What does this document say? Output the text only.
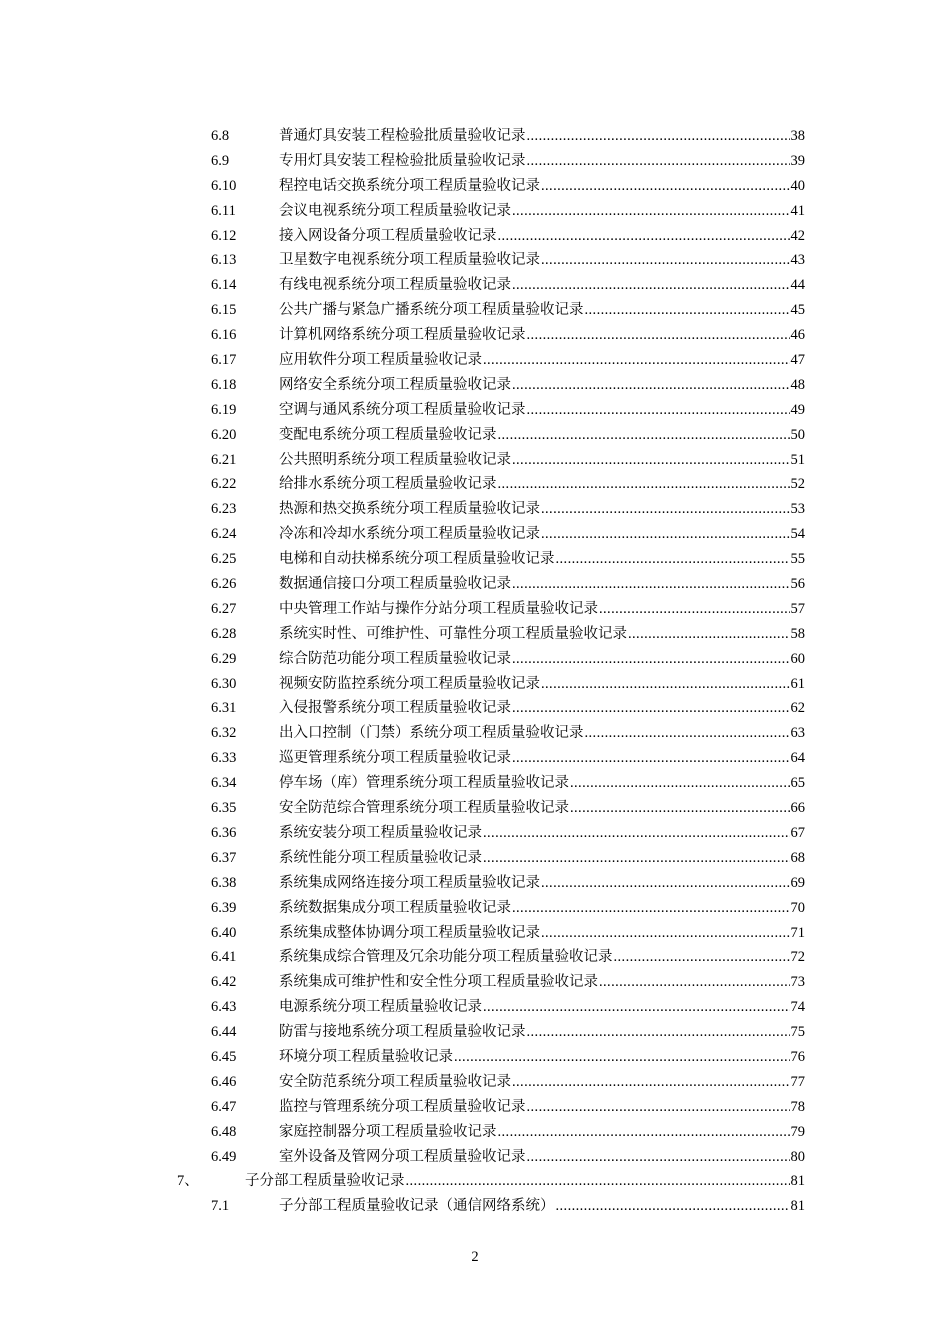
6.8	普通灯具安装工程检验批质量验收记录 .....	38
6.9	专用灯具安装工程检验批质量验收记录 .....	39
6.10	程控电话交换系统分项工程质量验收记录 .....	40
6.11	会议电视系统分项工程质量验收记录 .....	41
6.12	接入网设备分项工程质量验收记录 .....	42
6.13	卫星数字电视系统分项工程质量验收记录 .....	43
6.14	有线电视系统分项工程质量验收记录 .....	44
6.15	公共广播与紧急广播系统分项工程质量验收记录 .....	45
6.16	计算机网络系统分项工程质量验收记录 .....	46
6.17	应用软件分项工程质量验收记录 .....	47
6.18	网络安全系统分项工程质量验收记录 .....	48
6.19	空调与通风系统分项工程质量验收记录 .....	49
6.20	变配电系统分项工程质量验收记录 .....	50
6.21	公共照明系统分项工程质量验收记录 .....	51
6.22	给排水系统分项工程质量验收记录 .....	52
6.23	热源和热交换系统分项工程质量验收记录 .....	53
6.24	冷冻和冷却水系统分项工程质量验收记录 .....	54
6.25	电梯和自动扶梯系统分项工程质量验收记录 .....	55
6.26	数据通信接口分项工程质量验收记录 .....	56
6.27	中央管理工作站与操作分站分项工程质量验收记录 .....	57
6.28	系统实时性、可维护性、可靠性分项工程质量验收记录 .....	58
6.29	综合防范功能分项工程质量验收记录 .....	60
6.30	视频安防监控系统分项工程质量验收记录 .....	61
6.31	入侵报警系统分项工程质量验收记录 .....	62
6.32	出入口控制（门禁）系统分项工程质量验收记录 .....	63
6.33	巡更管理系统分项工程质量验收记录 .....	64
6.34	停车场（库）管理系统分项工程质量验收记录 .....	65
6.35	安全防范综合管理系统分项工程质量验收记录 .....	66
6.36	系统安装分项工程质量验收记录 .....	67
6.37	系统性能分项工程质量验收记录 .....	68
6.38	系统集成网络连接分项工程质量验收记录 .....	69
6.39	系统数据集成分项工程质量验收记录 .....	70
6.40	系统集成整体协调分项工程质量验收记录 .....	71
6.41	系统集成综合管理及冗余功能分项工程质量验收记录 .....	72
6.42	系统集成可维护性和安全性分项工程质量验收记录 .....	73
6.43	电源系统分项工程质量验收记录 .....	74
6.44	防雷与接地系统分项工程质量验收记录 .....	75
6.45	环境分项工程质量验收记录 .....	76
6.46	安全防范系统分项工程质量验收记录 .....	77
6.47	监控与管理系统分项工程质量验收记录 .....	78
6.48	家庭控制器分项工程质量验收记录 .....	79
6.49	室外设备及管网分项工程质量验收记录 .....	80
7、	子分部工程质量验收记录 .....	81
7.1	子分部工程质量验收记录（通信网络系统） .....	81
2
